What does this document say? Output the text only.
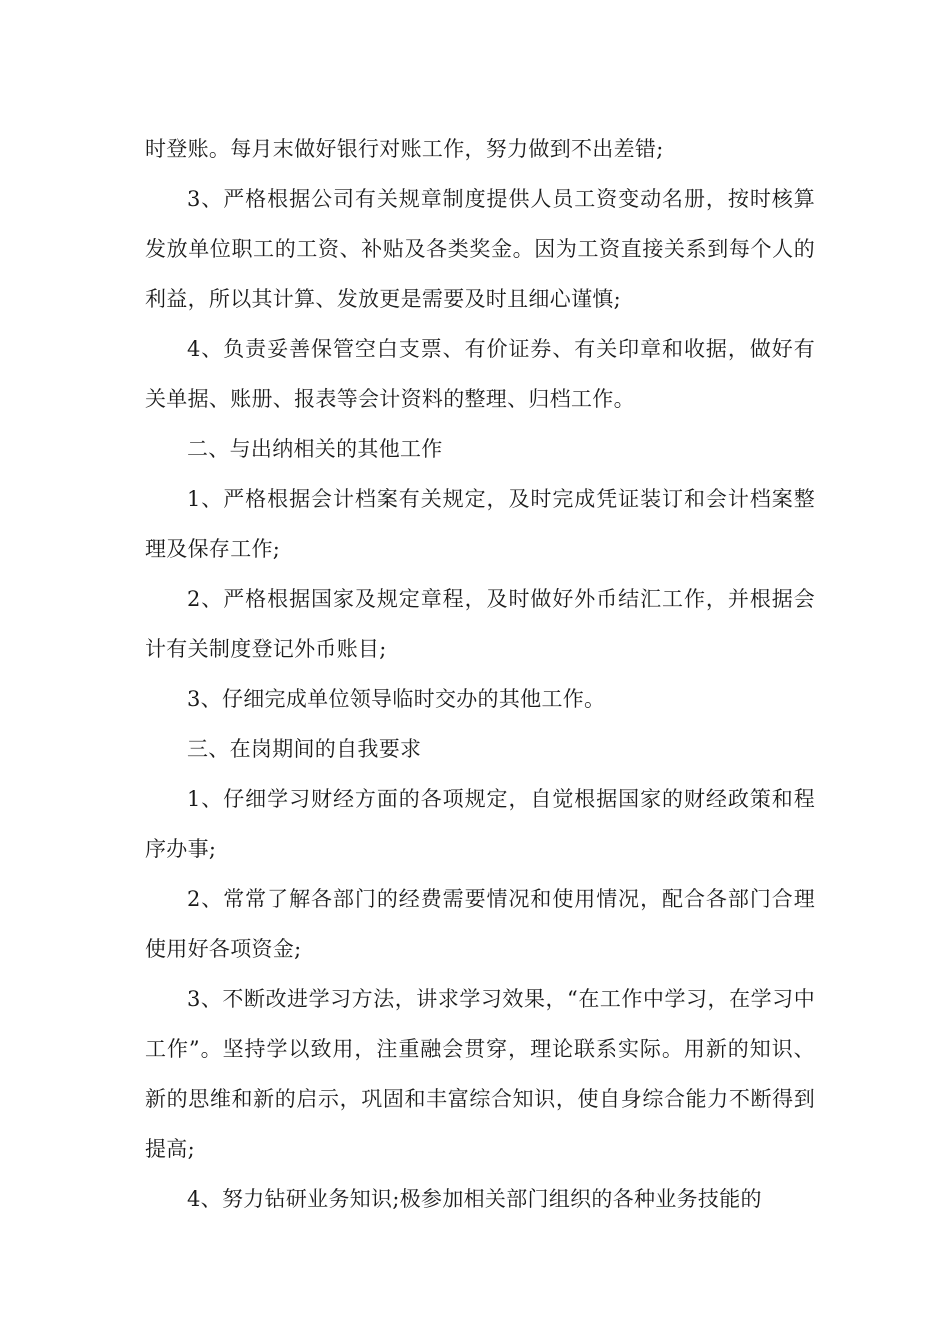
时登账。每月末做好银行对账工作，努力做到不出差错;

3、严格根据公司有关规章制度提供人员工资变动名册，按时核算发放单位职工的工资、补贴及各类奖金。因为工资直接关系到每个人的利益，所以其计算、发放更是需要及时且细心谨慎;

4、负责妥善保管空白支票、有价证券、有关印章和收据，做好有关单据、账册、报表等会计资料的整理、归档工作。

二、与出纳相关的其他工作

1、严格根据会计档案有关规定，及时完成凭证装订和会计档案整理及保存工作;

2、严格根据国家及规定章程，及时做好外币结汇工作，并根据会计有关制度登记外币账目;

3、仔细完成单位领导临时交办的其他工作。

三、在岗期间的自我要求

1、仔细学习财经方面的各项规定，自觉根据国家的财经政策和程序办事;

2、常常了解各部门的经费需要情况和使用情况，配合各部门合理使用好各项资金;

3、不断改进学习方法，讲求学习效果，“在工作中学习，在学习中工作”。坚持学以致用，注重融会贯穿，理论联系实际。用新的知识、新的思维和新的启示，巩固和丰富综合知识，使自身综合能力不断得到提高;

4、努力钻研业务知识;极参加相关部门组织的各种业务技能的
